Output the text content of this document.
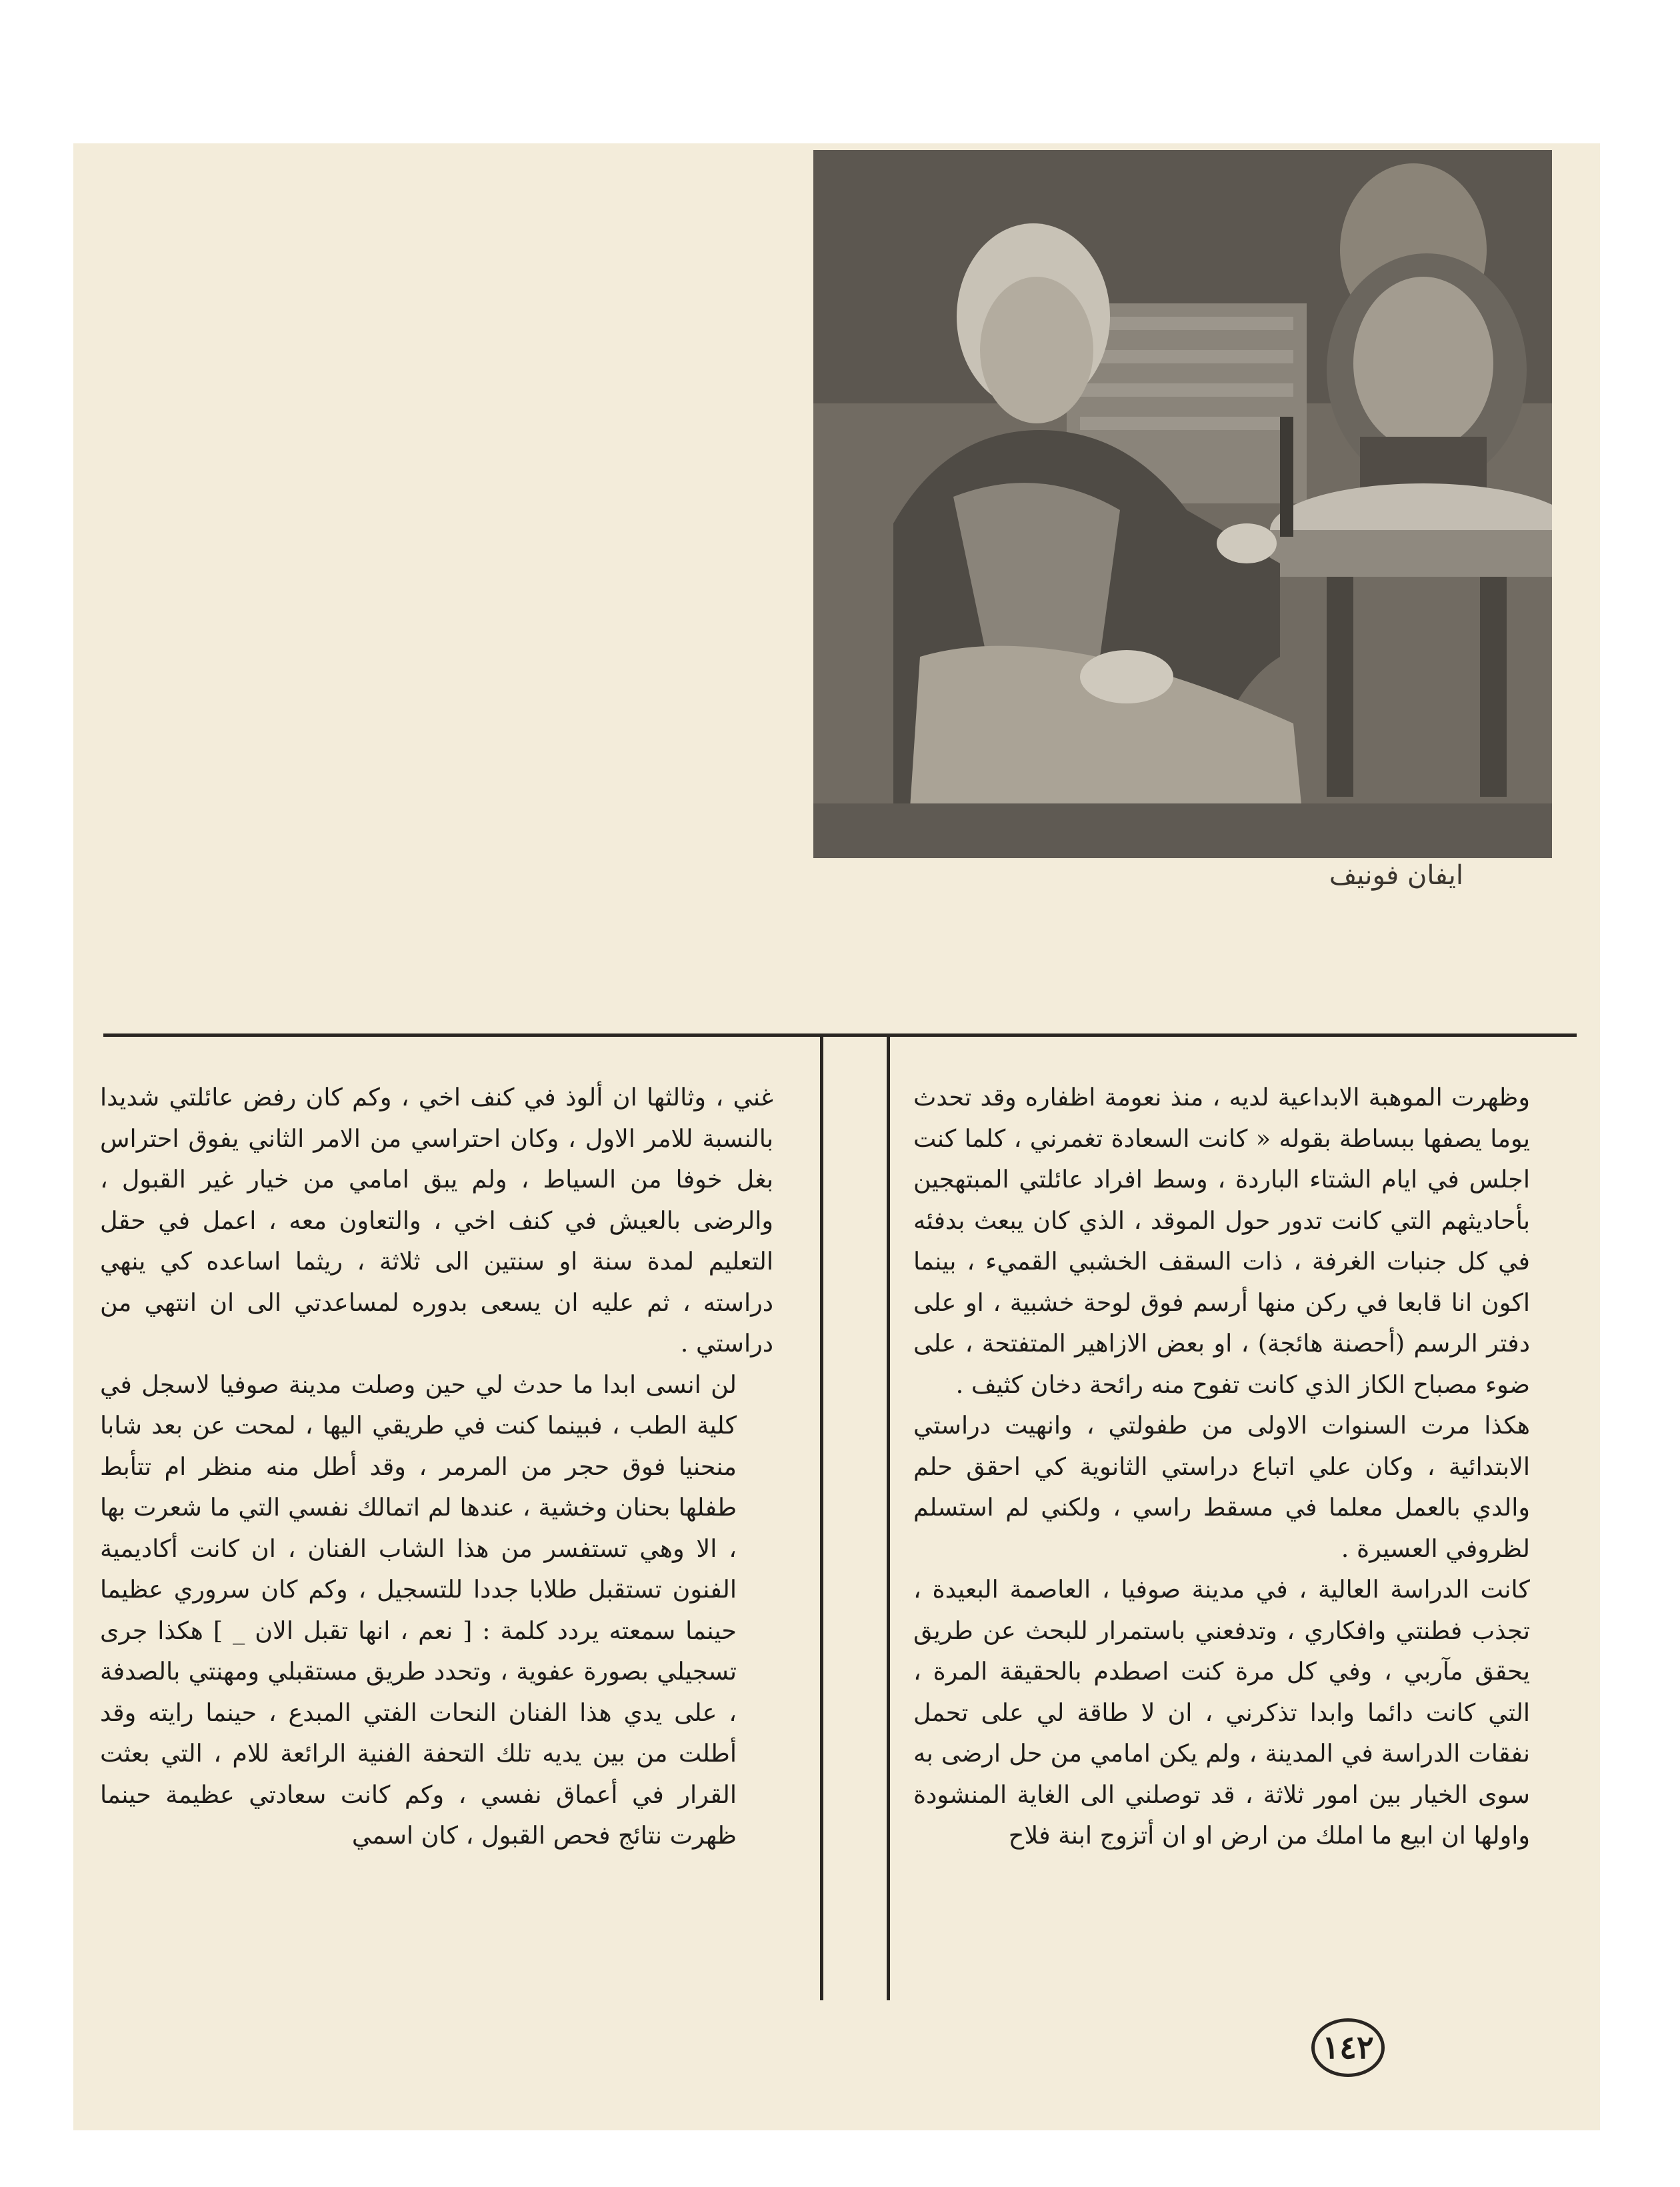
ايفان فونيف

وظهرت الموهبة الابداعية لديه ، منذ نعومة اظفاره وقد تحدث يوما يصفها ببساطة بقوله « كانت السعادة تغمرني ، كلما كنت اجلس في ايام الشتاء الباردة ، وسط افراد عائلتي المبتهجين بأحاديثهم التي كانت تدور حول الموقد ، الذي كان يبعث بدفئه في كل جنبات الغرفة ، ذات السقف الخشبي القميء ، بينما اكون انا قابعا في ركن منها أرسم فوق لوحة خشبية ، او على دفتر الرسم (أحصنة هائجة) ، او بعض الازاهير المتفتحة ، على ضوء مصباح الكاز الذي كانت تفوح منه رائحة دخان كثيف .

هكذا مرت السنوات الاولى من طفولتي ، وانهيت دراستي الابتدائية ، وكان علي اتباع دراستي الثانوية كي احقق حلم والدي بالعمل معلما في مسقط راسي ، ولكني لم استسلم لظروفي العسيرة .

كانت الدراسة العالية ، في مدينة صوفيا ، العاصمة البعيدة ، تجذب فطنتي وافكاري ، وتدفعني باستمرار للبحث عن طريق يحقق مآربي ، وفي كل مرة كنت اصطدم بالحقيقة المرة ، التي كانت دائما وابدا تذكرني ، ان لا طاقة لي على تحمل نفقات الدراسة في المدينة ، ولم يكن امامي من حل ارضى به سوى الخيار بين امور ثلاثة ، قد توصلني الى الغاية المنشودة واولها ان ابيع ما املك من ارض او ان أتزوج ابنة فلاح

غني ، وثالثها ان ألوذ في كنف اخي ، وكم كان رفض عائلتي شديدا بالنسبة للامر الاول ، وكان احتراسي من الامر الثاني يفوق احتراس بغل خوفا من السياط ، ولم يبق امامي من خيار غير القبول ، والرضى بالعيش في كنف اخي ، والتعاون معه ، اعمل في حقل التعليم لمدة سنة او سنتين الى ثلاثة ، ريثما اساعده كي ينهي دراسته ، ثم عليه ان يسعى بدوره لمساعدتي الى ان انتهي من دراستي .

لن انسى ابدا ما حدث لي حين وصلت مدينة صوفيا لاسجل في كلية الطب ، فبينما كنت في طريقي اليها ، لمحت عن بعد شابا منحنيا فوق حجر من المرمر ، وقد أطل منه منظر ام تتأبط طفلها بحنان وخشية ، عندها لم اتمالك نفسي التي ما شعرت بها ، الا وهي تستفسر من هذا الشاب الفنان ، ان كانت أكاديمية الفنون تستقبل طلابا جددا للتسجيل ، وكم كان سروري عظيما حينما سمعته يردد كلمة : [ نعم ، انها تقبل الان _ ] هكذا جرى تسجيلي بصورة عفوية ، وتحدد طريق مستقبلي ومهنتي بالصدفة ، على يدي هذا الفنان النحات الفتي المبدع ، حينما رايته وقد أطلت من بين يديه تلك التحفة الفنية الرائعة للام ، التي بعثت القرار في أعماق نفسي ، وكم كانت سعادتي عظيمة حينما ظهرت نتائج فحص القبول ، كان اسمي

١٤٢
